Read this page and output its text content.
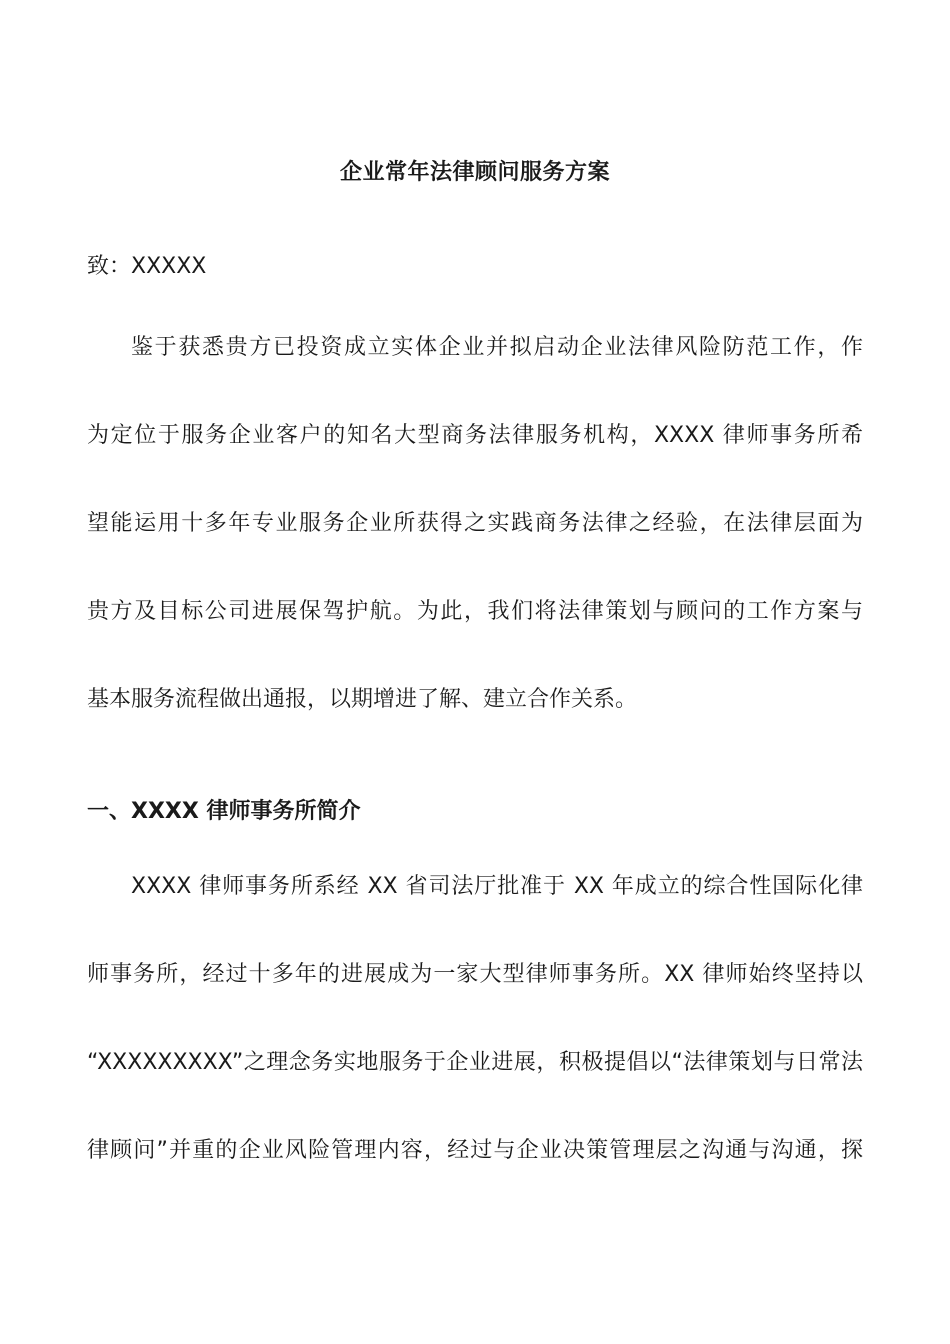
企业常年法律顾问服务方案

致：XXXXX

鉴于获悉贵方已投资成立实体企业并拟启动企业法律风险防范工作，作
为定位于服务企业客户的知名大型商务法律服务机构，XXXX 律师事务所希
望能运用十多年专业服务企业所获得之实践商务法律之经验，在法律层面为
贵方及目标公司进展保驾护航。为此，我们将法律策划与顾问的工作方案与
基本服务流程做出通报，以期增进了解、建立合作关系。
一、XXXX 律师事务所简介
XXXX 律师事务所系经 XX 省司法厅批准于 XX 年成立的综合性国际化律
师事务所，经过十多年的进展成为一家大型律师事务所。XX 律师始终坚持以
“XXXXXXXXX”之理念务实地服务于企业进展，积极提倡以“法律策划与日常法
律顾问”并重的企业风险管理内容，经过与企业决策管理层之沟通与沟通，探
